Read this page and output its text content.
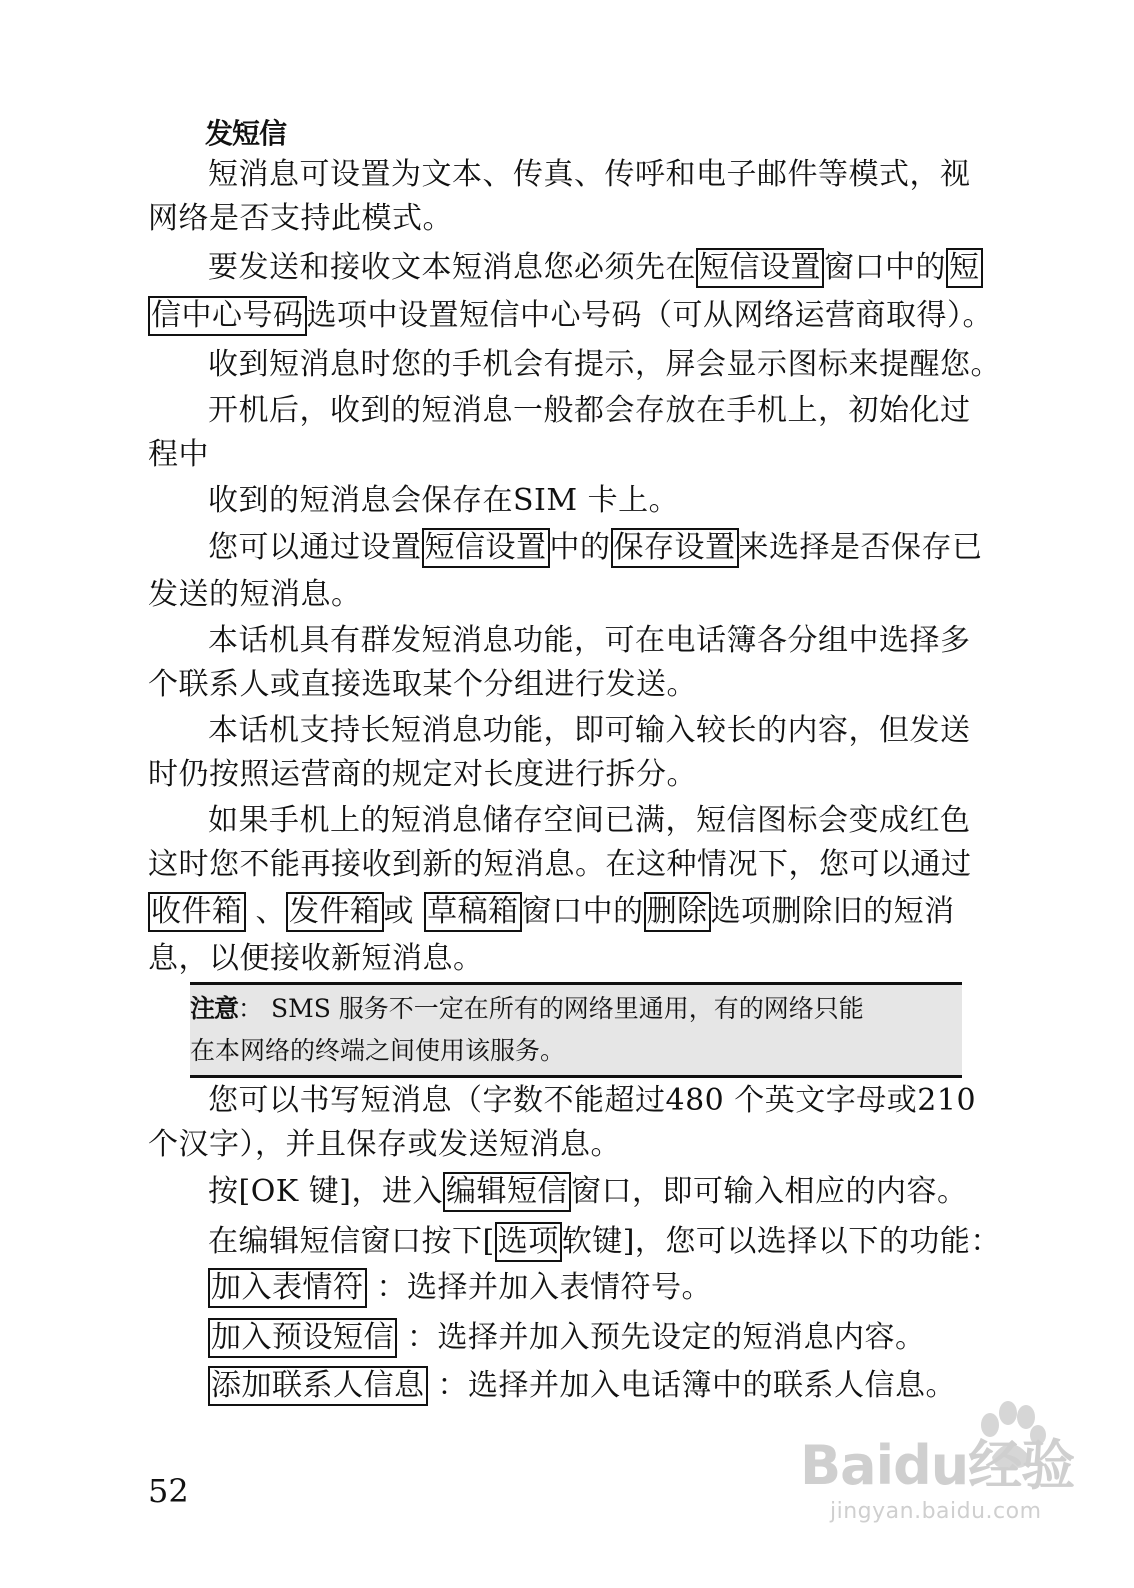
发短信
短消息可设置为文本、传真、传呼和电子邮件等模式，视
网络是否支持此模式。
要发送和接收文本短消息您必须先在 短信设置 窗口中的 短
信中心号码 选项中设置短信中心号码（可从网络运营商取得）。
收到短消息时您的手机会有提示，屏会显示图标来提醒您。
开机后，收到的短消息一般都会存放在手机上，初始化过
程中
收到的短消息会保存在SIM 卡上。
您可以通过设置 短信设置 中的 保存设置 来选择是否保存已
发送的短消息。
本话机具有群发短消息功能，可在电话簿各分组中选择多
个联系人或直接选取某个分组进行发送。
本话机支持长短消息功能，即可输入较长的内容，但发送
时仍按照运营商的规定对长度进行拆分。
如果手机上的短消息储存空间已满，短信图标会变成红色
这时您不能再接收到新的短消息。在这种情况下，您可以通过
收件箱 、 发件箱 或 草稿箱 窗口中的 删除 选项删除旧的短消
息，以便接收新短消息。
注意： SMS 服务不一定在所有的网络里通用，有的网络只能
在本网络的终端之间使用该服务。
您可以书写短消息（字数不能超过480 个英文字母或210
个汉字），并且保存或发送短消息。
按[OK 键]，进入 编辑短信 窗口，即可输入相应的内容。
在编辑短信窗口按下[ 选项 软键]，您可以选择以下的功能：
加入表情符 ：选择并加入表情符号。
加入预设短信 ：选择并加入预先设定的短消息内容。
添加联系人信息 ：选择并加入电话簿中的联系人信息。
52	Baidu经验
jingyan.baidu.com
